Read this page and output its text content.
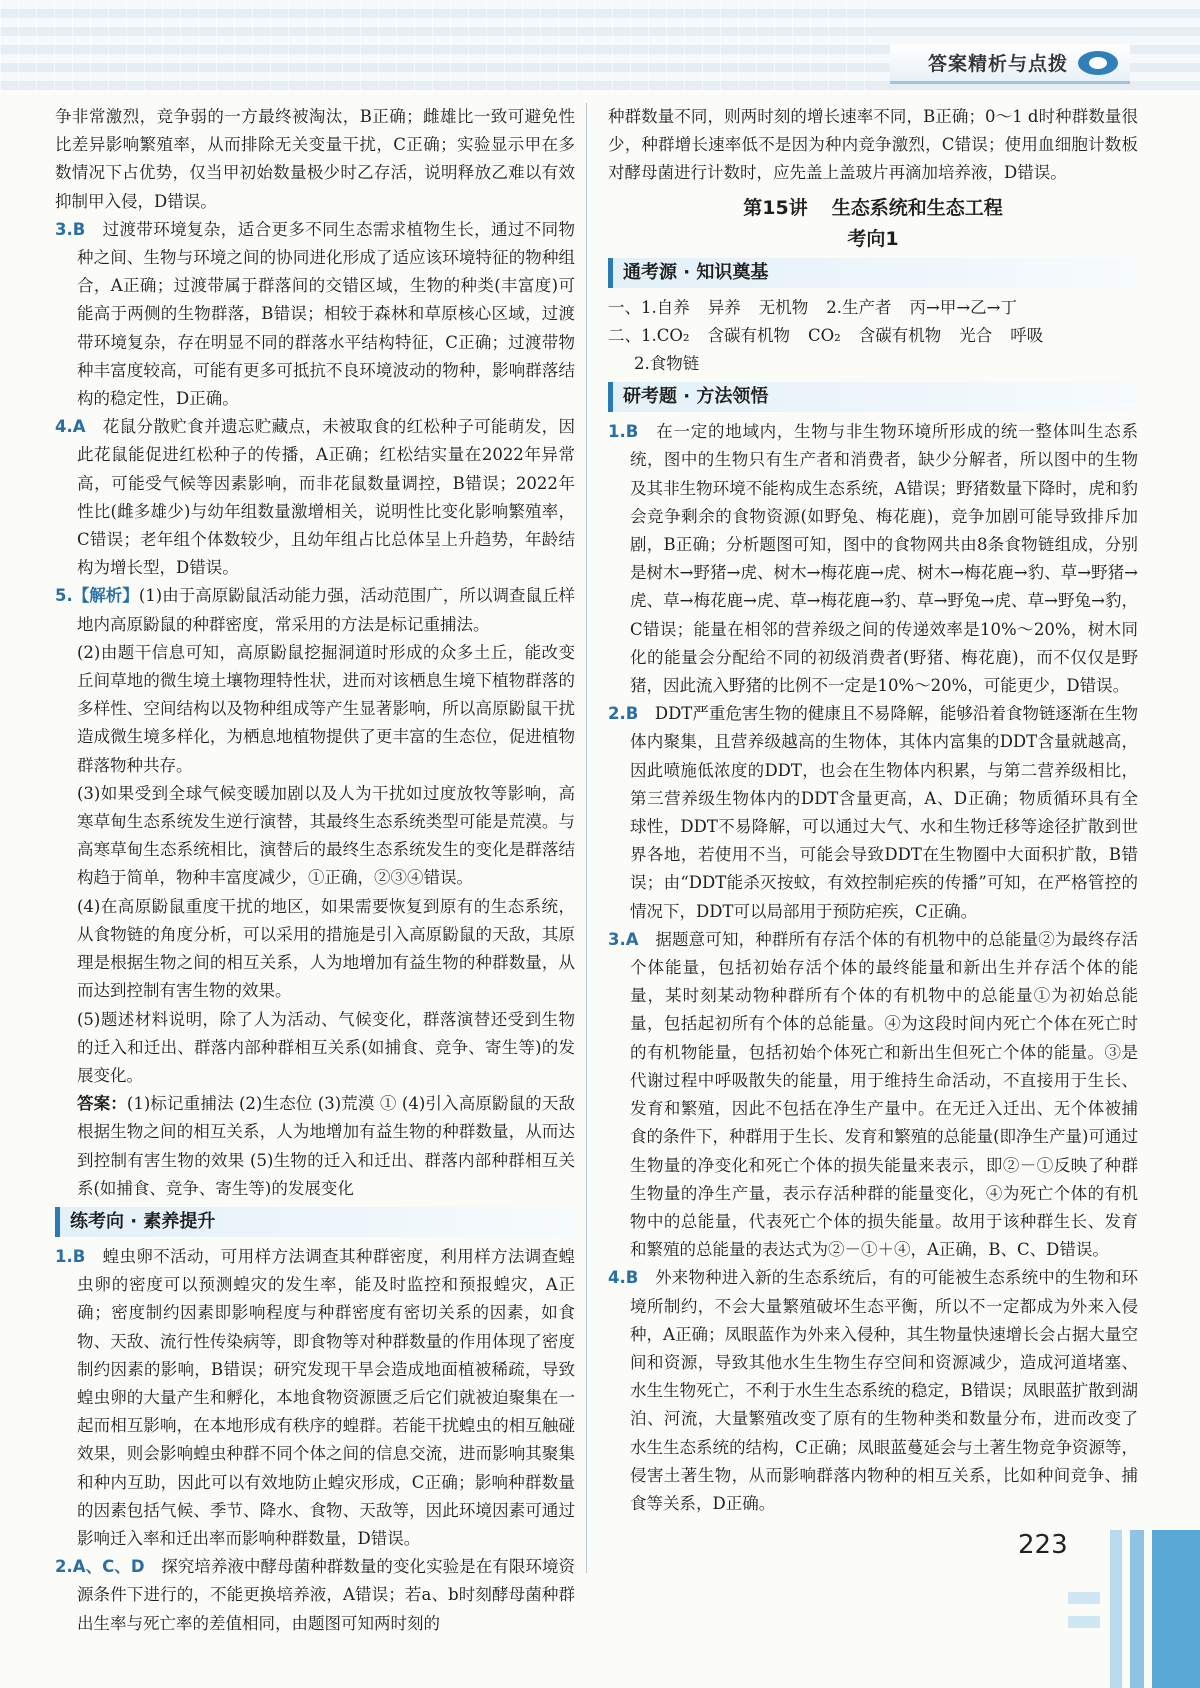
答案精析与点拨

争非常激烈，竞争弱的一方最终被淘汰，B正确；雌雄比一致可避免性比差异影响繁殖率，从而排除无关变量干扰，C正确；实验显示甲在多数情况下占优势，仅当甲初始数量极少时乙存活，说明释放乙难以有效抑制甲入侵，D错误。

3.B　 过渡带环境复杂，适合更多不同生态需求植物生长，通过不同物种之间、生物与环境之间的协同进化形成了适应该环境特征的物种组合，A正确；过渡带属于群落间的交错区域，生物的种类(丰富度)可能高于两侧的生物群落，B错误；相较于森林和草原核心区域，过渡带环境复杂，存在明显不同的群落水平结构特征，C正确；过渡带物种丰富度较高，可能有更多可抵抗不良环境波动的物种，影响群落结构的稳定性，D正确。

4.A　 花鼠分散贮食并遗忘贮藏点，未被取食的红松种子可能萌发，因此花鼠能促进红松种子的传播，A正确；红松结实量在2022年异常高，可能受气候等因素影响，而非花鼠数量调控，B错误；2022年性比(雌多雄少)与幼年组数量激增相关，说明性比变化影响繁殖率，C错误；老年组个体数较少，且幼年组占比总体呈上升趋势，年龄结构为增长型，D错误。

5.【解析】(1)由于高原鼢鼠活动能力强，活动范围广，所以调查鼠丘样地内高原鼢鼠的种群密度，常采用的方法是标记重捕法。

(2)由题干信息可知，高原鼢鼠挖掘洞道时形成的众多土丘，能改变丘间草地的微生境土壤物理特性状，进而对该栖息生境下植物群落的多样性、空间结构以及物种组成等产生显著影响，所以高原鼢鼠干扰造成微生境多样化，为栖息地植物提供了更丰富的生态位，促进植物群落物种共存。

(3)如果受到全球气候变暖加剧以及人为干扰如过度放牧等影响，高寒草甸生态系统发生逆行演替，其最终生态系统类型可能是荒漠。与高寒草甸生态系统相比，演替后的最终生态系统发生的变化是群落结构趋于简单，物种丰富度减少，①正确，②③④错误。

(4)在高原鼢鼠重度干扰的地区，如果需要恢复到原有的生态系统，从食物链的角度分析，可以采用的措施是引入高原鼢鼠的天敌，其原理是根据生物之间的相互关系，人为地增加有益生物的种群数量，从而达到控制有害生物的效果。

(5)题述材料说明，除了人为活动、气候变化，群落演替还受到生物的迁入和迁出、群落内部种群相互关系(如捕食、竞争、寄生等)的发展变化。

答案：(1)标记重捕法 (2)生态位 (3)荒漠 ① (4)引入高原鼢鼠的天敌 根据生物之间的相互关系，人为地增加有益生物的种群数量，从而达到控制有害生物的效果 (5)生物的迁入和迁出、群落内部种群相互关系(如捕食、竞争、寄生等)的发展变化

练考向 · 素养提升

1.B　 蝗虫卵不活动，可用样方法调查其种群密度，利用样方法调查蝗虫卵的密度可以预测蝗灾的发生率，能及时监控和预报蝗灾，A正确；密度制约因素即影响程度与种群密度有密切关系的因素，如食物、天敌、流行性传染病等，即食物等对种群数量的作用体现了密度制约因素的影响，B错误；研究发现干旱会造成地面植被稀疏，导致蝗虫卵的大量产生和孵化，本地食物资源匮乏后它们就被迫聚集在一起而相互影响，在本地形成有秩序的蝗群。若能干扰蝗虫的相互触碰效果，则会影响蝗虫种群不同个体之间的信息交流，进而影响其聚集和种内互助，因此可以有效地防止蝗灾形成，C正确；影响种群数量的因素包括气候、季节、降水、食物、天敌等，因此环境因素可通过影响迁入率和迁出率而影响种群数量，D错误。

2.A、C、D　 探究培养液中酵母菌种群数量的变化实验是在有限环境资源条件下进行的，不能更换培养液，A错误；若a、b时刻酵母菌种群出生率与死亡率的差值相同，由题图可知两时刻的

种群数量不同，则两时刻的增长速率不同，B正确；0～1 d时种群数量很少，种群增长速率低不是因为种内竞争激烈，C错误；使用血细胞计数板对酵母菌进行计数时，应先盖上盖玻片再滴加培养液，D错误。

第15讲 生态系统和生态工程
考向1
通考源 · 知识奠基

一、1.自养 异养 无机物 2.生产者 丙→甲→乙→丁

二、1.CO₂ 含碳有机物 CO₂ 含碳有机物 光合 呼吸

2.食物链

研考题 · 方法领悟

1.B　 在一定的地域内，生物与非生物环境所形成的统一整体叫生态系统，图中的生物只有生产者和消费者，缺少分解者，所以图中的生物及其非生物环境不能构成生态系统，A错误；野猪数量下降时，虎和豹会竞争剩余的食物资源(如野兔、梅花鹿)，竞争加剧可能导致排斥加剧，B正确；分析题图可知，图中的食物网共由8条食物链组成，分别是树木→野猪→虎、树木→梅花鹿→虎、树木→梅花鹿→豹、草→野猪→虎、草→梅花鹿→虎、草→梅花鹿→豹、草→野兔→虎、草→野兔→豹，C错误；能量在相邻的营养级之间的传递效率是10%～20%，树木同化的能量会分配给不同的初级消费者(野猪、梅花鹿)，而不仅仅是野猪，因此流入野猪的比例不一定是10%～20%，可能更少，D错误。

2.B　 DDT严重危害生物的健康且不易降解，能够沿着食物链逐渐在生物体内聚集，且营养级越高的生物体，其体内富集的DDT含量就越高，因此喷施低浓度的DDT，也会在生物体内积累，与第二营养级相比，第三营养级生物体内的DDT含量更高，A、D正确；物质循环具有全球性，DDT不易降解，可以通过大气、水和生物迁移等途径扩散到世界各地，若使用不当，可能会导致DDT在生物圈中大面积扩散，B错误；由“DDT能杀灭按蚊，有效控制疟疾的传播”可知，在严格管控的情况下，DDT可以局部用于预防疟疾，C正确。

3.A　 据题意可知，种群所有存活个体的有机物中的总能量②为最终存活个体能量，包括初始存活个体的最终能量和新出生并存活个体的能量，某时刻某动物种群所有个体的有机物中的总能量①为初始总能量，包括起初所有个体的总能量。④为这段时间内死亡个体在死亡时的有机物能量，包括初始个体死亡和新出生但死亡个体的能量。③是代谢过程中呼吸散失的能量，用于维持生命活动，不直接用于生长、发育和繁殖，因此不包括在净生产量中。在无迁入迁出、无个体被捕食的条件下，种群用于生长、发育和繁殖的总能量(即净生产量)可通过生物量的净变化和死亡个体的损失能量来表示，即②－①反映了种群生物量的净生产量，表示存活种群的能量变化，④为死亡个体的有机物中的总能量，代表死亡个体的损失能量。故用于该种群生长、发育和繁殖的总能量的表达式为②－①＋④，A正确，B、C、D错误。

4.B　 外来物种进入新的生态系统后，有的可能被生态系统中的生物和环境所制约，不会大量繁殖破坏生态平衡，所以不一定都成为外来入侵种，A正确；凤眼蓝作为外来入侵种，其生物量快速增长会占据大量空间和资源，导致其他水生生物生存空间和资源减少，造成河道堵塞、水生生物死亡，不利于水生生态系统的稳定，B错误；凤眼蓝扩散到湖泊、河流，大量繁殖改变了原有的生物种类和数量分布，进而改变了水生生态系统的结构，C正确；凤眼蓝蔓延会与土著生物竞争资源等，侵害土著生物，从而影响群落内物种的相互关系，比如种间竞争、捕食等关系，D正确。

223
